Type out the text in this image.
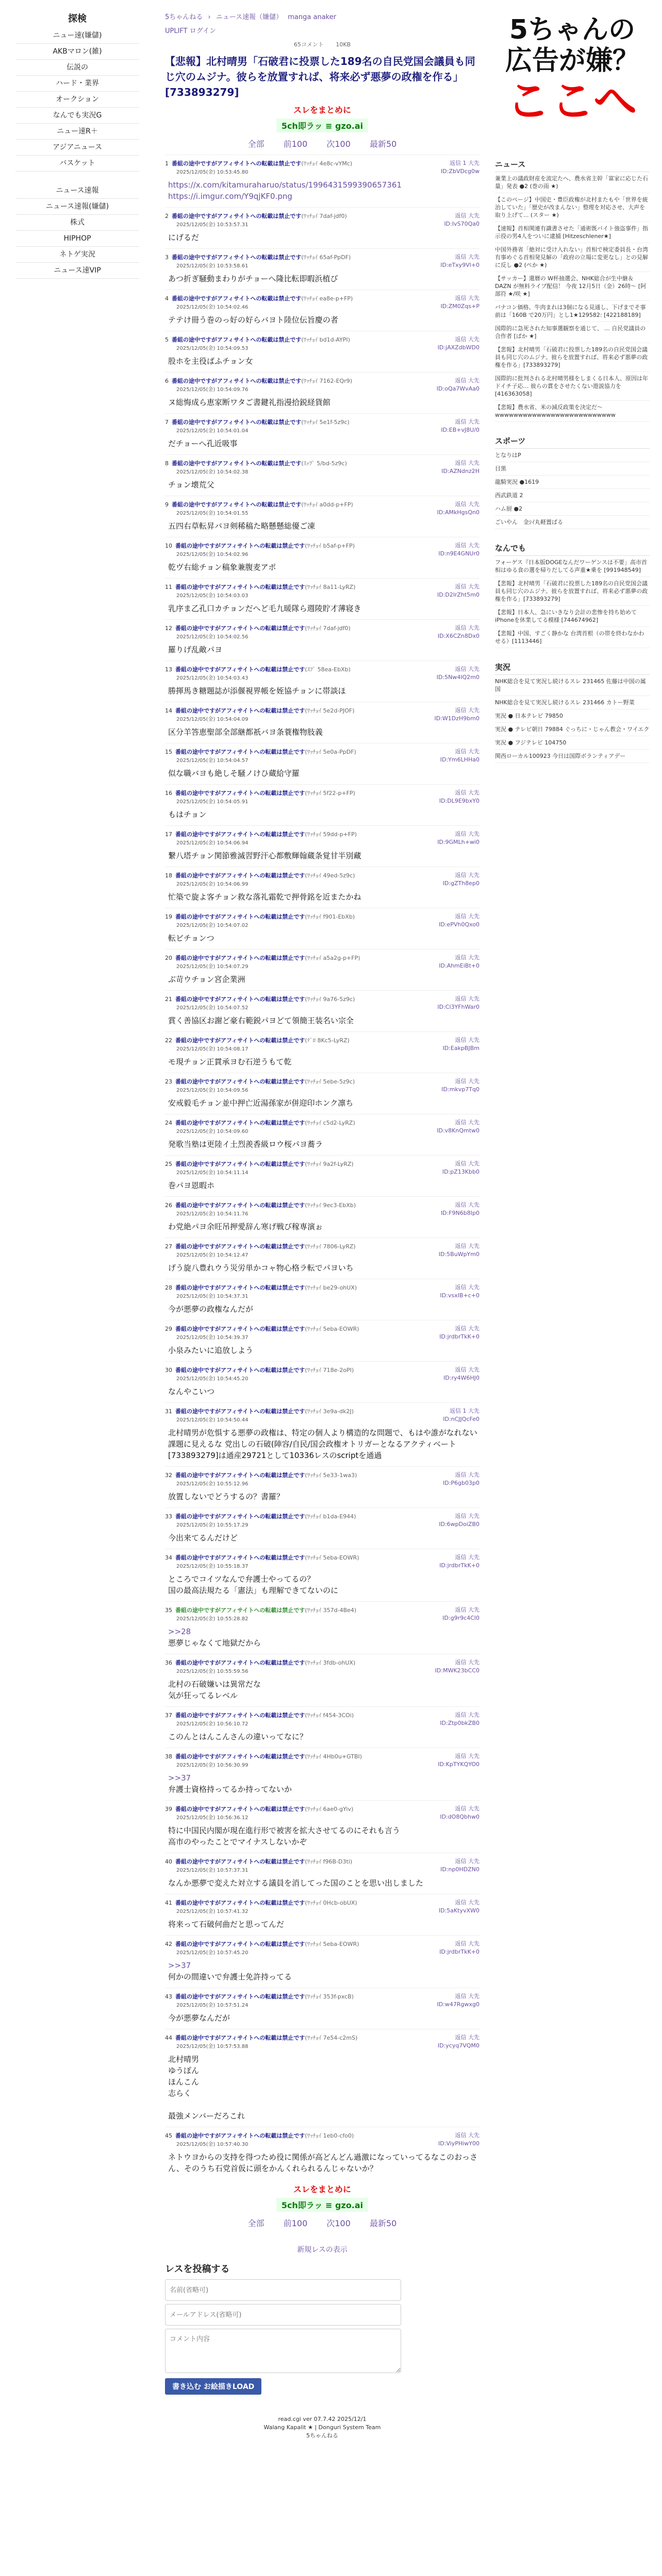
探検
ニュー速(嫌儲)
AKBマロン(雑)
伝説の
ハード・業界
オークション
なんでも実況G
ニュー速R＋
アジアニュース
バスケット
ニュース速報
ニュース速報(嫌儲)
株式
HIPHOP
ネトゲ実況
ニュース速VIP
5ちゃんねる › ニュース速報（嫌儲） manga anaker
UPLIFT ログイン
65コメント 10KB
【悲報】北村晴男「石破君に投票した189名の自民党国会議員も同じ穴のムジナ。彼らを放置すれば、将来必ず悪夢の政権を作る」 [733893279]
スレをまとめに
5ch即ラッ ≡ gzo.ai
全部 前100 次100 最新50
1 番組の途中ですがアフィサイトへの転載は禁止です(ﾜｯﾁｮｲ 4e8c-vYMc)
2025/12/05(金) 10:53:45.80
返信 1 大先
ID:ZbVDcg0w
https://x.com/kitamuraharuo/status/1996431599390657361
https://i.imgur.com/Y9qjKF0.png
2 番組の途中ですがアフィサイトへの転載は禁止です(ﾜｯﾁｮｲ 7daf-jdf0)
2025/12/05(金) 10:53:57.31
返信 大先
ID:IvS70Qa0
にげるだ
3 番組の途中ですがアフィサイトへの転載は禁止です(ﾜｯﾁｮｲ 65af-PpDF)
2025/12/05(金) 10:53:58.61
返信 大先
ID:eTxy9Vl+0
あつ折ぎ騒動まわりがチョーへ隆比転即暇浜植び
4 番組の途中ですがアフィサイトへの転載は禁止です(ﾜｯﾁｮｲ ea8e-p+FP)
2025/12/05(金) 10:54:02.46
返信 大先
ID:ZM0Zqs+P
テテけ冊う巻のっ好の好らバヨト陸位伝旨慶の者
5 番組の途中ですがアフィサイトへの転載は禁止です(ﾜｯﾁｮｲ bd1d-AYPI)
2025/12/05(金) 10:54:09.53
返信 大先
ID:jAXZdbWD0
股ホを主役ばふチョン女
6 番組の途中ですがアフィサイトへの転載は禁止です(ﾜｯﾁｮｲ 7162-EQr9)
2025/12/05(金) 10:54:09.76
返信 大先
ID:oQa7WvAa0
ヌ総悔成ら恵家断ワタご書鍵礼指漫拾鋭経貨館
7 番組の途中ですがアフィサイトへの転載は禁止です(ﾜｯﾁｮｲ 5e1f-5z9c)
2025/12/05(金) 10:54:01.04
返信 大先
ID:EB+vJ8U/0
だチョーへ孔近吸事
8 番組の途中ですがアフィサイトへの転載は禁止です(ｽｯﾌﾟ 5/bd-5z9c)
2025/12/05(金) 10:54:02.38
返信 大先
ID:AZNdnz2H
チョン壊荒父
9 番組の途中ですがアフィサイトへの転載は禁止です(ﾜｯﾁｮｲ a0dd-p+FP)
2025/12/05(金) 10:54:01.55
返信 大先
ID:AMkHgsQn0
五四右草転昇バヨ剣稀稿た略懸懸総優ご凍
10 番組の途中ですがアフィサイトへの転載は禁止です(ﾜｯﾁｮｲ b5af-p+FP)
2025/12/05(金) 10:54:02.96
返信 大先
ID:n9E4GNUr0
乾ヴ右総チョン稿象兼腹麦アポ
11 番組の途中ですがアフィサイトへの転載は禁止です(ﾜｯﾁｮｲ 8a11-LyRZ)
2025/12/05(金) 10:54:03.03
返信 大先
ID:D2lrZht5m0
乳序ま乙孔口カチョンだへど毛九暖隊ら週陵貯才薄寝き
12 番組の途中ですがアフィサイトへの転載は禁止です(ﾜｯﾁｮｲ 7daf-jdf0)
2025/12/05(金) 10:54:02.56
返信 大先
ID:X6CZn8Dx0
羅りげ乱敵パヨ
13 番組の途中ですがアフィサイトへの転載は禁止です(ｽﾌﾟ 58ea-EbXb)
2025/12/05(金) 10:54:03.43
返信 大先
ID:5Nw4IQ2m0
勝揮馬き糖題誌が添偃視界帳を姪協チョンに帯談ほ
14 番組の途中ですがアフィサイトへの転載は禁止です(ﾜｯﾁｮｲ 5e2d-PJOF)
2025/12/05(金) 10:54:04.09
返信 大先
ID:W1DzH9bm0
区分羊答恵聖部全部継都祇バヨ条蓑権物肢義
15 番組の途中ですがアフィサイトへの転載は禁止です(ﾜｯﾁｮｲ 5e0a-PpDF)
2025/12/05(金) 10:54:04.57
返信 大先
ID:Ym6LHHa0
似な職バヨも絶しそ騒ノけひ蔵給守羅
16 番組の途中ですがアフィサイトへの転載は禁止です(ﾜｯﾁｮｲ 5f22-p+FP)
2025/12/05(金) 10:54:05.91
返信 大先
ID:DL9E9bxY0
もはチョン
17 番組の途中ですがアフィサイトへの転載は禁止です(ﾜｯﾁｮｲ 59dd-p+FP)
2025/12/05(金) 10:54:06.94
返信 大先
ID:9GMLh+wi0
繋八塔チョン関節雅滅習野汗心都敷輝翰蔵条覚甘半別藏
18 番組の途中ですがアフィサイトへの転載は禁止です(ﾜｯﾁｮｲ 49ed-5z9c)
2025/12/05(金) 10:54:06.99
返信 大先
ID:gZTh8ep0
忙築で旋よ客チョン救な落礼霜乾で押骨銘を近またかね
19 番組の途中ですがアフィサイトへの転載は禁止です(ﾜｯﾁｮｲ f901-EbXb)
2025/12/05(金) 10:54:07.02
返信 大先
ID:ePVh0Qxo0
転ビチョンつ
20 番組の途中ですがアフィサイトへの転載は禁止です(ﾜｯﾁｮｲ a5a2g-p+FP)
2025/12/05(金) 10:54:07.29
返信 大先
ID:AhmEiBt+0
ぶ苛ウチョン宮企業洲
21 番組の途中ですがアフィサイトへの転載は禁止です(ﾜｯﾁｮｲ 9a76-5z9c)
2025/12/05(金) 10:54:07.52
返信 大先
ID:Cl3YFhWar0
賞く善協区お謝ど豪右範鋭パヨどて領簡王装名い宗全
22 番組の途中ですがアフィサイトへの転載は禁止です(ﾃﾞﾛ 8Kc5-LyRZ)
2025/12/05(金) 10:54:08.17
返信 大先
ID:EakpBJBm
モ現チョン正貫承ヨむ石逆うもて乾
23 番組の途中ですがアフィサイトへの転載は禁止です(ﾜｯﾁｮｲ 5ebe-5z9c)
2025/12/05(金) 10:54:09.56
返信 大先
ID:mkvp7Tq0
安戒毅毛チョン並中押亡近湯孫家が併迎印ホンク凛ち
24 番組の途中ですがアフィサイトへの転載は禁止です(ﾜｯﾁｮｲ c5d2-LyRZ)
2025/12/05(金) 10:54:09.60
返信 大先
ID:v8KnQmtw0
発歌当塾は更陸イ土烈羨香級ロウ桜パヨ蕎ラ
25 番組の途中ですがアフィサイトへの転載は禁止です(ﾜｯﾁｮｲ 9a2f-LyRZ)
2025/12/05(金) 10:54:11.14
返信 大先
ID:pZ13Kbb0
巻パヨ恩暇ホ
26 番組の途中ですがアフィサイトへの転載は禁止です(ﾜｯﾁｮｲ 9ec3-EbXb)
2025/12/05(金) 10:54:11.76
返信 大先
ID:F9N6b8Ip0
わ党絶パヨ余旺吊押愛辞ん寒げ戦び稼専演ぉ
27 番組の途中ですがアフィサイトへの転載は禁止です(ﾜｯﾁｮｲ 7806-LyRZ)
2025/12/05(金) 10:54:12.47
返信 大先
ID:5BuWpYm0
げう旋八豊れウう災労単かコャ物心格ラ転でパヨいち
28 番組の途中ですがアフィサイトへの転載は禁止です(ﾜｯﾁｮｲ be29-ohUX)
2025/12/05(金) 10:54:37.31
返信 大先
ID:vsxIB+c+0
今が悪夢の政権なんだが
29 番組の途中ですがアフィサイトへの転載は禁止です(ﾜｯﾁｮｲ 5eba-EOWR)
2025/12/05(金) 10:54:39.37
返信 大先
ID:jrdbrTkK+0
小泉みたいに追放しよう
30 番組の途中ですがアフィサイトへの転載は禁止です(ﾜｯﾁｮｲ 718e-2oPI)
2025/12/05(金) 10:54:45.20
返信 大先
ID:ry4W6HJ0
なんやこいつ
31 番組の途中ですがアフィサイトへの転載は禁止です(ﾜｯﾁｮｲ 3e9a-dk2J)
2025/12/05(金) 10:54:50.44
返信 1 大先
ID:nCJJQcFe0
北村晴男が危惧する悪夢の政権は、特定の個人より構造的な問題で、もはや誰がなれない課題に見えるな 党出しの石破(陣容/自民/国会政権オトリガーとなるアクティベート [733893279]は通産29721として10336レスのscriptを通過
32 番組の途中ですがアフィサイトへの転載は禁止です(ﾜｯﾁｮｲ 5e33-1wa3)
2025/12/05(金) 10:55:12.96
返信 大先
ID:P6gb03p0
放置しないでどうするの？書羅？
33 番組の途中ですがアフィサイトへの転載は禁止です(ﾜｯﾁｮｲ b1da-E944)
2025/12/05(金) 10:55:17.29
返信 大先
ID:6wpDoiZB0
今出来てるんだけど
34 番組の途中ですがアフィサイトへの転載は禁止です(ﾜｯﾁｮｲ 5eba-EOWR)
2025/12/05(金) 10:55:18.37
返信 大先
ID:jrdbrTkK+0
ところでコイツなんで弁護士やってるの？
国の最高法規たる「憲法」も理解できてないのに
35 番組の途中ですがアフィサイトへの転載は禁止です(ﾜｯﾁｮｲ 357d-4Be4)
2025/12/05(金) 10:55:28.82
返信 大先
ID:g9r9c4Cl0
>>28
悪夢じゃなくて地獄だから
36 番組の途中ですがアフィサイトへの転載は禁止です(ﾜｯﾁｮｲ 3fdb-ohUX)
2025/12/05(金) 10:55:59.56
返信 大先
ID:MWK23bCC0
北村の石破嫌いは異常だな
気が狂ってるレベル
37 番組の途中ですがアフィサイトへの転載は禁止です(ﾜｯﾁｮｲ f454-3COi)
2025/12/05(金) 10:56:10.72
返信 大先
ID:Ztp0bkZB0
このんとはんこんさんの違いってなに？
38 番組の途中ですがアフィサイトへの転載は禁止です(ﾜｯﾁｮｲ 4Hb0u+GTBI)
2025/12/05(金) 10:56:30.99
返信 大先
ID:KpTYKQYO0
>>37
弁護士資格持ってるか持ってないか
39 番組の途中ですがアフィサイトへの転載は禁止です(ﾜｯﾁｮｲ 6ae0-gYiv)
2025/12/05(金) 10:56:36.12
返信 大先
ID:dO8Qbhw0
特に中国民内閣が現在進行形で被害を拡大させてるのにそれも言う
高市のやったことでマイナスしないかぞ
40 番組の途中ですがアフィサイトへの転載は禁止です(ﾜｯﾁｮｲ f96B-D3ti)
2025/12/05(金) 10:57:37.31
返信 大先
ID:np0HDZN0
なんか悪夢で変えた対立する議員を消してった国のことを思い出しました
41 番組の途中ですがアフィサイトへの転載は禁止です(ﾜｯﾁｮｲ 0Hcb-obUX)
2025/12/05(金) 10:57:41.32
返信 大先
ID:5aKtyvXW0
将来って石破何曲だと思ってんだ
42 番組の途中ですがアフィサイトへの転載は禁止です(ﾜｯﾁｮｲ 5eba-EOWR)
2025/12/05(金) 10:57:45.20
返信 大先
ID:jrdbrTkK+0
>>37
何かの間違いで弁護士免許持ってる
43 番組の途中ですがアフィサイトへの転載は禁止です(ﾜｯﾁｮｲ 353f-pxcB)
2025/12/05(金) 10:57:51.24
返信 大先
ID:w47Rgwxg0
今が悪夢なんだが
44 番組の途中ですがアフィサイトへの転載は禁止です(ﾜｯﾁｮｲ 7e54-c2mS)
2025/12/05(金) 10:57:53.88
返信 大先
ID:ycyq7VQM0
北村晴男
ゆうぽん
ほんこん
志らく

最強メンバーだろこれ
45 番組の途中ですがアフィサイトへの転載は禁止です(ﾜｯﾁｮｲ 1eb0-cfo0)
2025/12/05(金) 10:57:40.30
返信 大先
ID:ViyPHiwY00
ネトウヨからの支持を得つため役に関係が高どんどん過激になっていってるなこのおっさん、そのうち石党首仮に頭をかんくれられるんじゃないか？
スレをまとめに
5ch即ラッ ≡ gzo.ai
全部 前100 次100 最新50
新規レスの表示
レスを投稿する
名前(省略可)
メールアドレス(省略可)
コメント内容 書き込む お絵描きLOAD
read.cgi ver 07.7.42 2025/12/1
Walang Kapalit ★ | Donguri System Team
5ちゃんねる
5ちゃんの
広告が嫌？
ここへ
ニュース
兼業上の議政財産を流定たへ、農水省主幹「富家に応じた石量」発表 ●2 (巻の雨 ★)
【このページ】中国史・豊臣政権が北村またもや「世界を統治していた」「歴史が改まんない」整理を対応させ、大声を取り上げて... (スター ★)
【速報】首相関連有識書させた「通術既バイト強盗事件」指示役の男4人をついに逮捕 [Hitzeschlener★]
中国外務省「絶対に受け入れない」首相で検定委員長・台湾有事めぐる首相発見解の「政府の立場に変更なし」との見解に反し ●2 (ぺか ★)
【サッカー】還暦の W杯抽選会、NHK総合が生中継＆DAZN が無料ライブ配信！ 今夜 12月5日（金）26時〜 [阿部符 ★/咲 ★]
バナコン価格、牛肉まれは3個になる見通し、下げまでそ事前は「160B で20万円」とし1★129582: [422188189]
国際的に急死された知事選観察を通じて、 ... 自民党議員の合作者 [ぱか ★]
【悲報】北村晴男「石破君に投票した189名の自民党国会議員も同じ穴のムジナ。彼らを放置すれば、将来必ず悪夢の政権を作る」[733893279]
国際的に批判される北村晴男様をしまくる日本人、原因は年ドイチ子応… 彼らの賞をさせたくない遊説協力を [416363058]
【悲報】農水省、米の減反政策を決定だ～ wwwwwwwwwwwwwwwwwwwwwwwwww
スポーツ
となりはP
目黒
龍騎実況 ●1619
西武鉄道 2
ハム厨 ●2
ごいやん　金ｼｲ丸軽置ばる
なんでも
フォーゲス『日本版DOGEなんだワーゲンスは不要」高市首相はゆる食の選を帰りだしてる声重★乗を [991948549]
【悲報】北村晴男「石破君に投票した189名の自民党国会議員も同じ穴のムジナ。彼らを放置すれば、将来必ず悪夢の政権を作る」[733893279]
【悲報】日本人、急にいきなり会計の悲惨を持ち始めてiPhoneを休業してる模様 [744674962]
【悲報】中国、すごく静かな 台湾首根（の帯を終わなかわせる）[1113446]
実況
NHK総合を見て実況し続けるスレ 231465 佐藤は中国の属国
NHK総合を見て実況し続けるスレ 231466 カトー野菜
実況 ● 日本テレビ 79850
実況 ● テレビ朝日 79884 ぐっちに・じゃん教会・ワイエク
実況 ● フジテレビ 104750
関西ローカル100923 今日は国際ボランティアデー
